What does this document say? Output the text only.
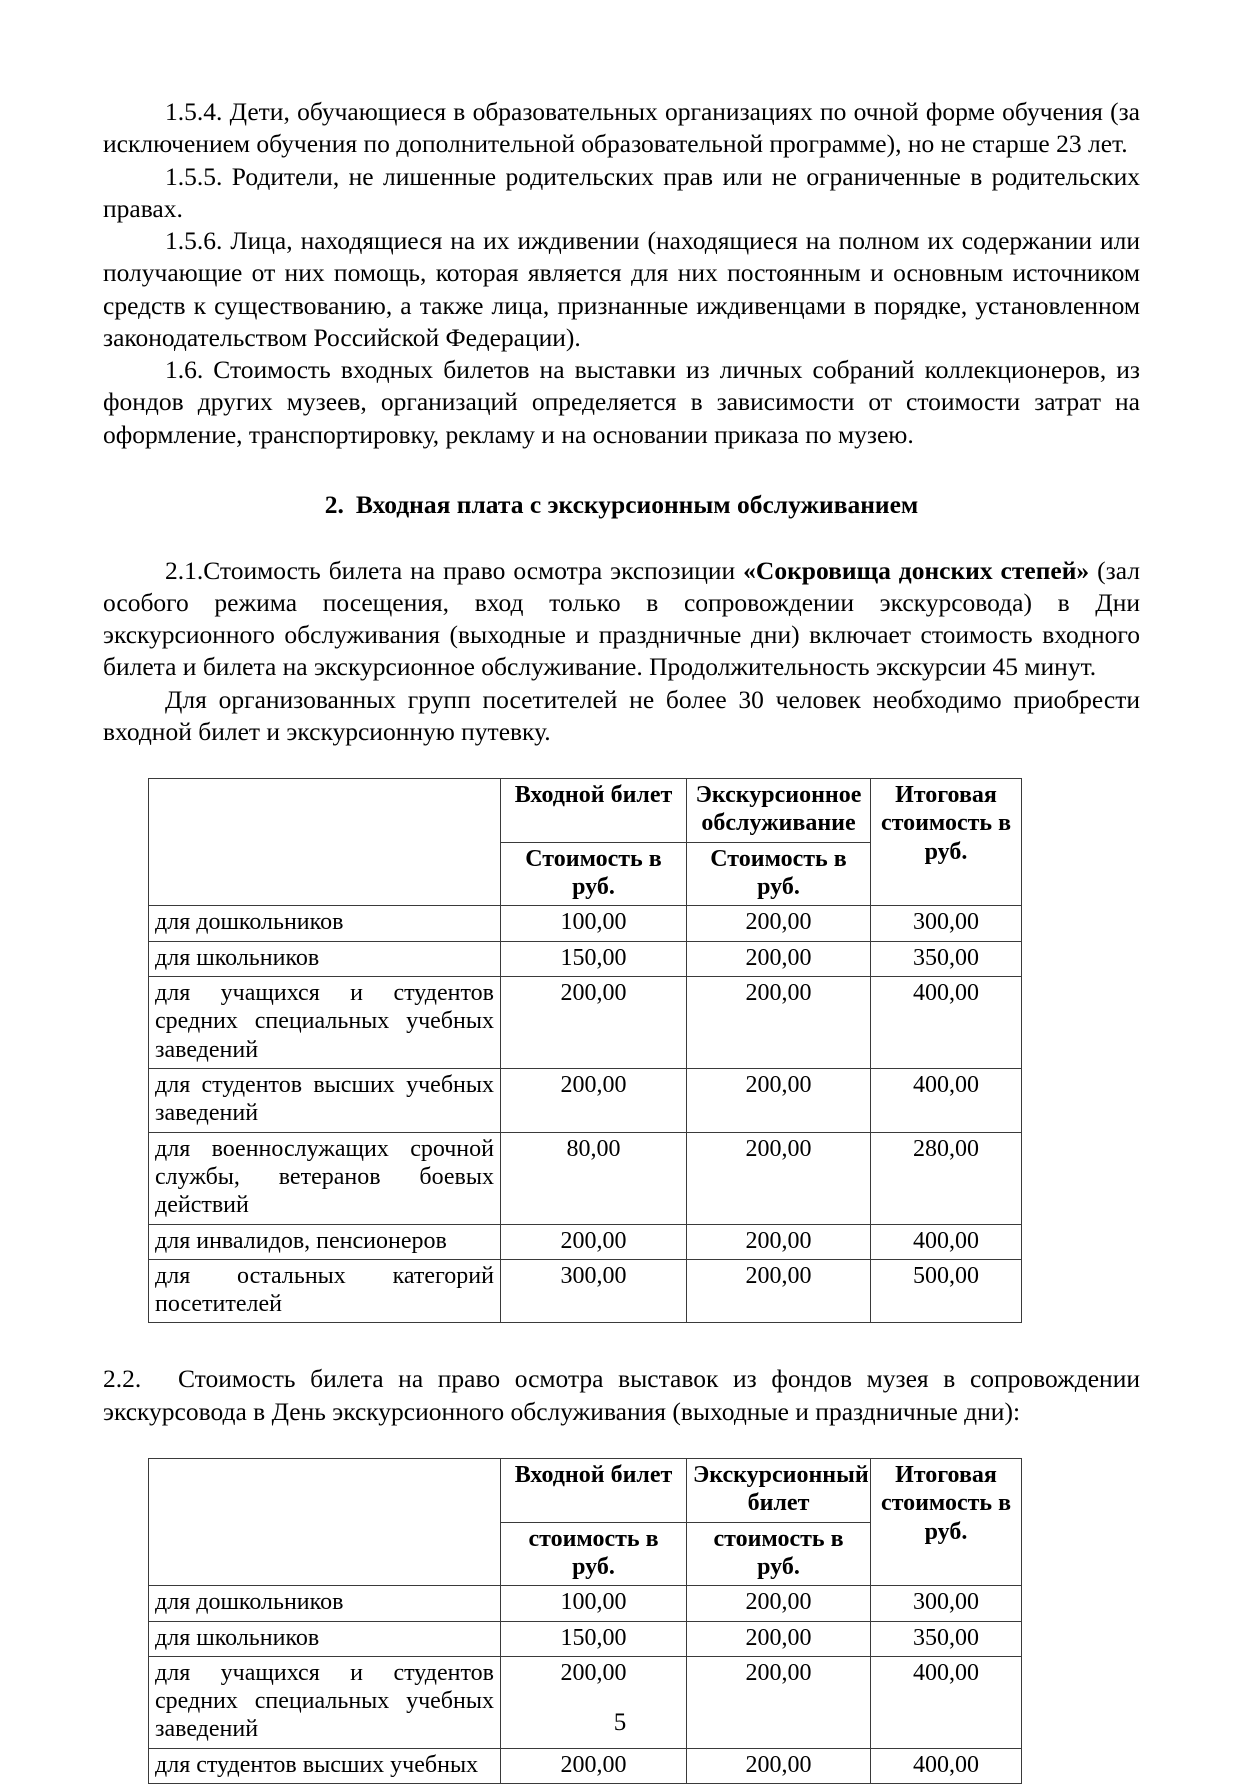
1.5.4. Дети, обучающиеся в образовательных организациях по очной форме обучения (за исключением обучения по дополнительной образовательной программе), но не старше 23 лет.

1.5.5. Родители, не лишенные родительских прав или не ограниченные в родительских правах.

1.5.6. Лица, находящиеся на их иждивении (находящиеся на полном их содержании или получающие от них помощь, которая является для них постоянным и основным источником средств к существованию, а также лица, признанные иждивенцами в порядке, установленном законодательством Российской Федерации).

1.6. Стоимость входных билетов на выставки из личных собраний коллекционеров, из фондов других музеев, организаций определяется в зависимости от стоимости затрат на оформление, транспортировку, рекламу и на основании приказа по музею.

2. Входная плата с экскурсионным обслуживанием

2.1.Стоимость билета на право осмотра экспозиции «Сокровища донских степей» (зал особого режима посещения, вход только в сопровождении экскурсовода) в Дни экскурсионного обслуживания (выходные и праздничные дни) включает стоимость входного билета и билета на экскурсионное обслуживание. Продолжительность экскурсии 45 минут.

Для организованных групп посетителей не более 30 человек необходимо приобрести входной билет и экскурсионную путевку.

	Входной билет	Экскурсионное обслуживание	Итоговая стоимость в руб.
	Стоимость в руб.	Стоимость в руб.	
для дошкольников	100,00	200,00	300,00
для школьников	150,00	200,00	350,00
для учащихся и студентов средних специальных учебных заведений	200,00	200,00	400,00
для студентов высших учебных заведений	200,00	200,00	400,00
для военнослужащих срочной службы, ветеранов боевых действий	80,00	200,00	280,00
для инвалидов, пенсионеров	200,00	200,00	400,00
для остальных категорий посетителей	300,00	200,00	500,00

2.2. Стоимость билета на право осмотра выставок из фондов музея в сопровождении экскурсовода в День экскурсионного обслуживания (выходные и праздничные дни):

	Входной билет	Экскурсионный билет	Итоговая стоимость в руб.
	стоимость в руб.	стоимость в руб.	
для дошкольников	100,00	200,00	300,00
для школьников	150,00	200,00	350,00
для учащихся и студентов средних специальных учебных заведений	200,00	200,00	400,00
для студентов высших учебных	200,00	200,00	400,00
5
